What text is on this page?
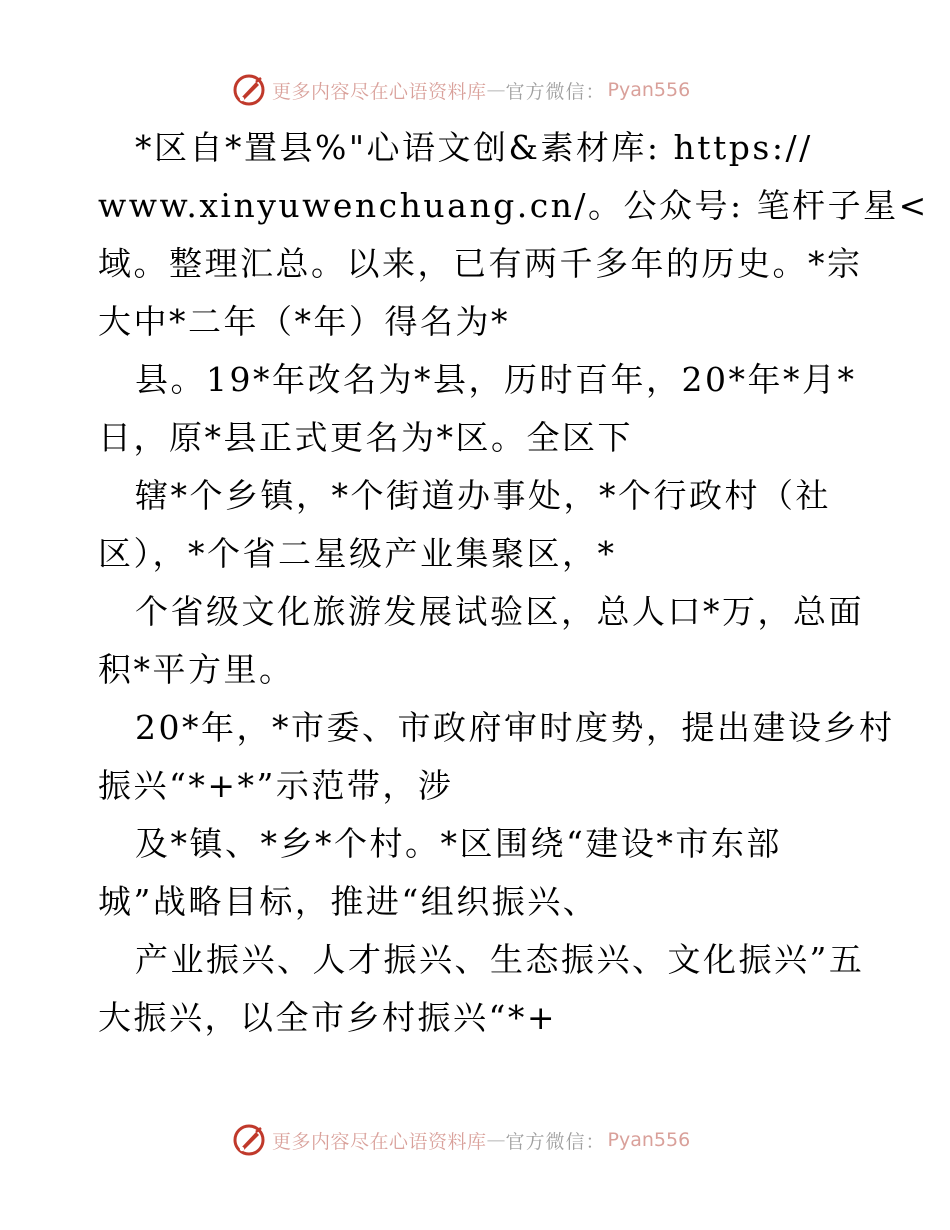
更多内容尽在心语资料库 — 官方微信： Pyan556
*区自*置县%"心语文创&素材库: https://
www.xinyuwenchuang.cn/。公众号: 笔杆子星<
域。整理汇总。以来，已有两千多年的历史。*宗
大中*二年（*年）得名为*
县。19*年改名为*县，历时百年，20*年*月*
日，原*县正式更名为*区。全区下
辖*个乡镇，*个街道办事处，*个行政村（社
区），*个省二星级产业集聚区，*
个省级文化旅游发展试验区，总人口*万，总面
积*平方里。
20*年，*市委、市政府审时度势，提出建设乡村
振兴“*+*”示范带，涉
及*镇、*乡*个村。*区围绕“建设*市东部
城”战略目标，推进“组织振兴、
产业振兴、人才振兴、生态振兴、文化振兴”五
大振兴，以全市乡村振兴“*+
更多内容尽在心语资料库 — 官方微信： Pyan556
